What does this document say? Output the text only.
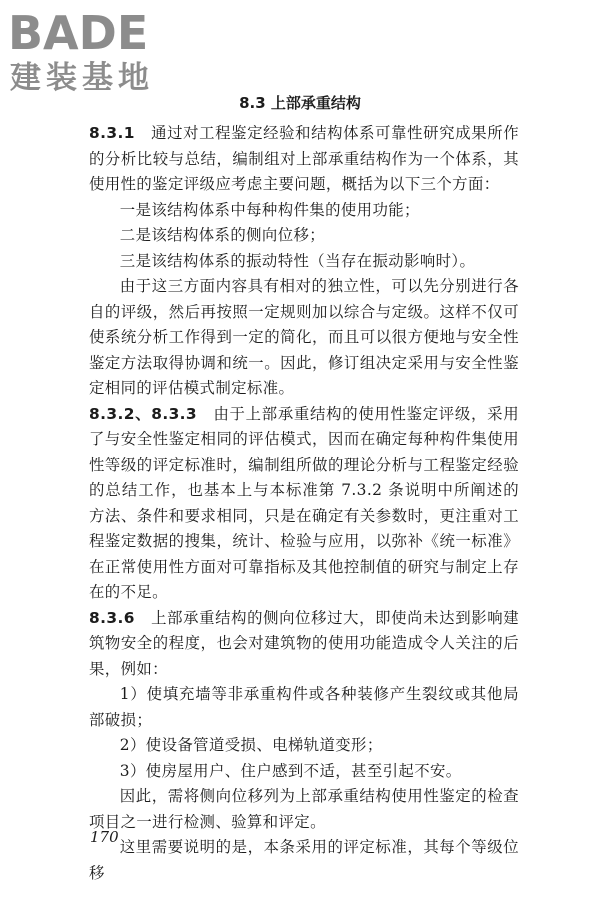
BADE
建装基地
8.3 上部承重结构

8.3.1　 通过对工程鉴定经验和结构体系可靠性研究成果所作的分析比较与总结，编制组对上部承重结构作为一个体系，其使用性的鉴定评级应考虑主要问题，概括为以下三个方面：

一是该结构体系中每种构件集的使用功能；

二是该结构体系的侧向位移；

三是该结构体系的振动特性（当存在振动影响时）。

由于这三方面内容具有相对的独立性，可以先分别进行各自的评级，然后再按照一定规则加以综合与定级。这样不仅可使系统分析工作得到一定的简化，而且可以很方便地与安全性鉴定方法取得协调和统一。因此，修订组决定采用与安全性鉴定相同的评估模式制定标准。

8.3.2、8.3.3　 由于上部承重结构的使用性鉴定评级，采用了与安全性鉴定相同的评估模式，因而在确定每种构件集使用性等级的评定标准时，编制组所做的理论分析与工程鉴定经验的总结工作，也基本上与本标准第 7.3.2 条说明中所阐述的方法、条件和要求相同，只是在确定有关参数时，更注重对工程鉴定数据的搜集，统计、检验与应用，以弥补《统一标准》在正常使用性方面对可靠指标及其他控制值的研究与制定上存在的不足。

8.3.6　 上部承重结构的侧向位移过大，即使尚未达到影响建筑物安全的程度，也会对建筑物的使用功能造成令人关注的后果，例如：

1）使填充墙等非承重构件或各种装修产生裂纹或其他局部破损；

2）使设备管道受损、电梯轨道变形；

3）使房屋用户、住户感到不适，甚至引起不安。

因此，需将侧向位移列为上部承重结构使用性鉴定的检查项目之一进行检测、验算和评定。

这里需要说明的是，本条采用的评定标准，其每个等级位移

170
